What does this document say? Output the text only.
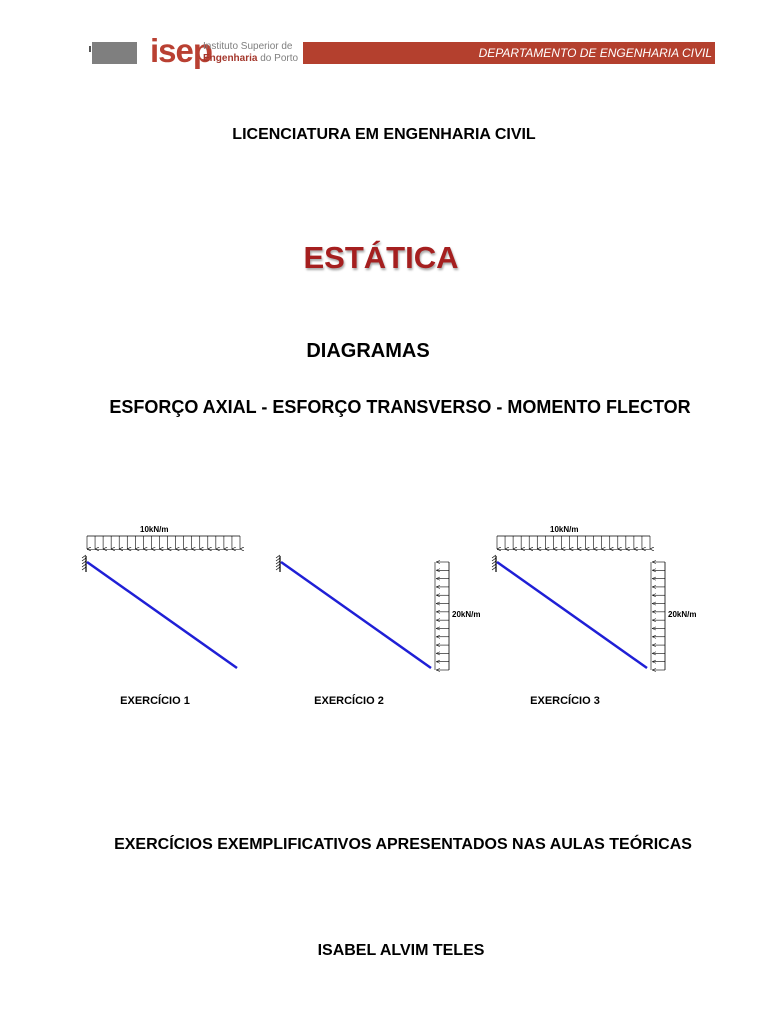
isep
Instituto Superior de
Engenharia do Porto	DEPARTAMENTO DE ENGENHARIA CIVIL
LICENCIATURA EM ENGENHARIA CIVIL
ESTÁTICA
DIAGRAMAS
ESFORÇO AXIAL - ESFORÇO TRANSVERSO - MOMENTO FLECTOR
10kN/m
EXERCÍCIO 1
20kN/m
EXERCÍCIO 2
10kN/m
20kN/m
EXERCÍCIO 3
EXERCÍCIOS EXEMPLIFICATIVOS APRESENTADOS NAS AULAS TEÓRICAS
ISABEL ALVIM TELES
